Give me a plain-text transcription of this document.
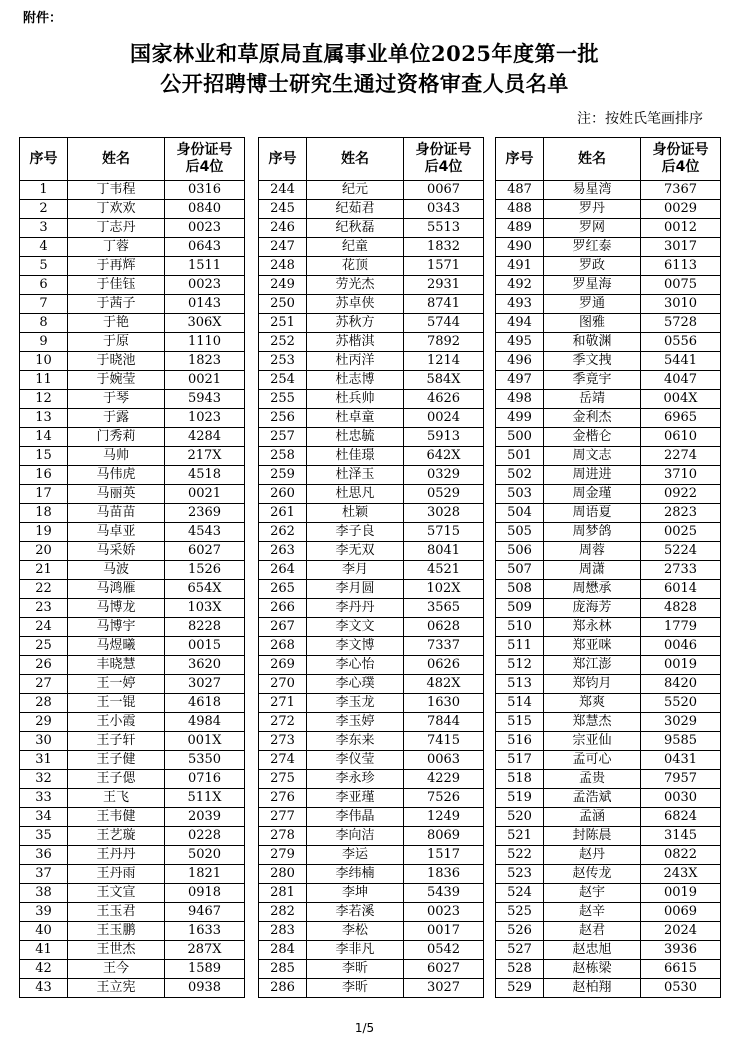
附件：
国家林业和草原局直属事业单位2025年度第一批
公开招聘博士研究生通过资格审查人员名单
注：按姓氏笔画排序
序号	姓名	身份证号后4位
1	丁韦程	0316
2	丁欢欢	0840
3	丁志丹	0023
4	丁蓉	0643
5	于再辉	1511
6	于佳钰	0023
7	于茜子	0143
8	于艳	306X
9	于原	1110
10	于晓池	1823
11	于婉莹	0021
12	于琴	5943
13	于露	1023
14	门秀莉	4284
15	马帅	217X
16	马伟虎	4518
17	马丽英	0021
18	马苗苗	2369
19	马卓亚	4543
20	马采娇	6027
21	马波	1526
22	马鸿雁	654X
23	马博龙	103X
24	马博宇	8228
25	马煜曦	0015
26	丰晓慧	3620
27	王一婷	3027
28	王一锟	4618
29	王小霞	4984
30	王子轩	001X
31	王子健	5350
32	王子偲	0716
33	王飞	511X
34	王韦健	2039
35	王艺璇	0228
36	王丹丹	5020
37	王丹雨	1821
38	王文宣	0918
39	王玉君	9467
40	王玉鹏	1633
41	王世杰	287X
42	王今	1589
43	王立宪	0938
序号	姓名	身份证号后4位
244	纪元	0067
245	纪茹君	0343
246	纪秋磊	5513
247	纪童	1832
248	花顶	1571
249	劳光杰	2931
250	苏卓侠	8741
251	苏秋方	5744
252	苏楷淇	7892
253	杜丙洋	1214
254	杜志博	584X
255	杜兵帅	4626
256	杜卓童	0024
257	杜忠毓	5913
258	杜佳璟	642X
259	杜泽玉	0329
260	杜思凡	0529
261	杜颖	3028
262	李子良	5715
263	李无双	8041
264	李月	4521
265	李月圆	102X
266	李丹丹	3565
267	李文文	0628
268	李文博	7337
269	李心怡	0626
270	李心璞	482X
271	李玉龙	1630
272	李玉婷	7844
273	李东来	7415
274	李仪莹	0063
275	李永珍	4229
276	李亚瑾	7526
277	李伟晶	1249
278	李向洁	8069
279	李运	1517
280	李纬楠	1836
281	李坤	5439
282	李若溪	0023
283	李松	0017
284	李非凡	0542
285	李昕	6027
286	李昕	3027
序号	姓名	身份证号后4位
487	易星湾	7367
488	罗丹	0029
489	罗网	0012
490	罗红泰	3017
491	罗政	6113
492	罗星海	0075
493	罗通	3010
494	图雅	5728
495	和敬渊	0556
496	季文拽	5441
497	季竟宇	4047
498	岳靖	004X
499	金利杰	6965
500	金楷仑	0610
501	周文志	2274
502	周进进	3710
503	周金瑾	0922
504	周语夏	2823
505	周梦鸽	0025
506	周蓉	5224
507	周潇	2733
508	周懋承	6014
509	庞海芳	4828
510	郑永林	1779
511	郑亚咪	0046
512	郑江澎	0019
513	郑钧月	8420
514	郑爽	5520
515	郑慧杰	3029
516	宗亚仙	9585
517	孟可心	0431
518	孟贵	7957
519	孟浩斌	0030
520	孟涵	6824
521	封陈晨	3145
522	赵丹	0822
523	赵传龙	243X
524	赵宇	0019
525	赵辛	0069
526	赵君	2024
527	赵忠旭	3936
528	赵栋梁	6615
529	赵柏翔	0530
1/5
